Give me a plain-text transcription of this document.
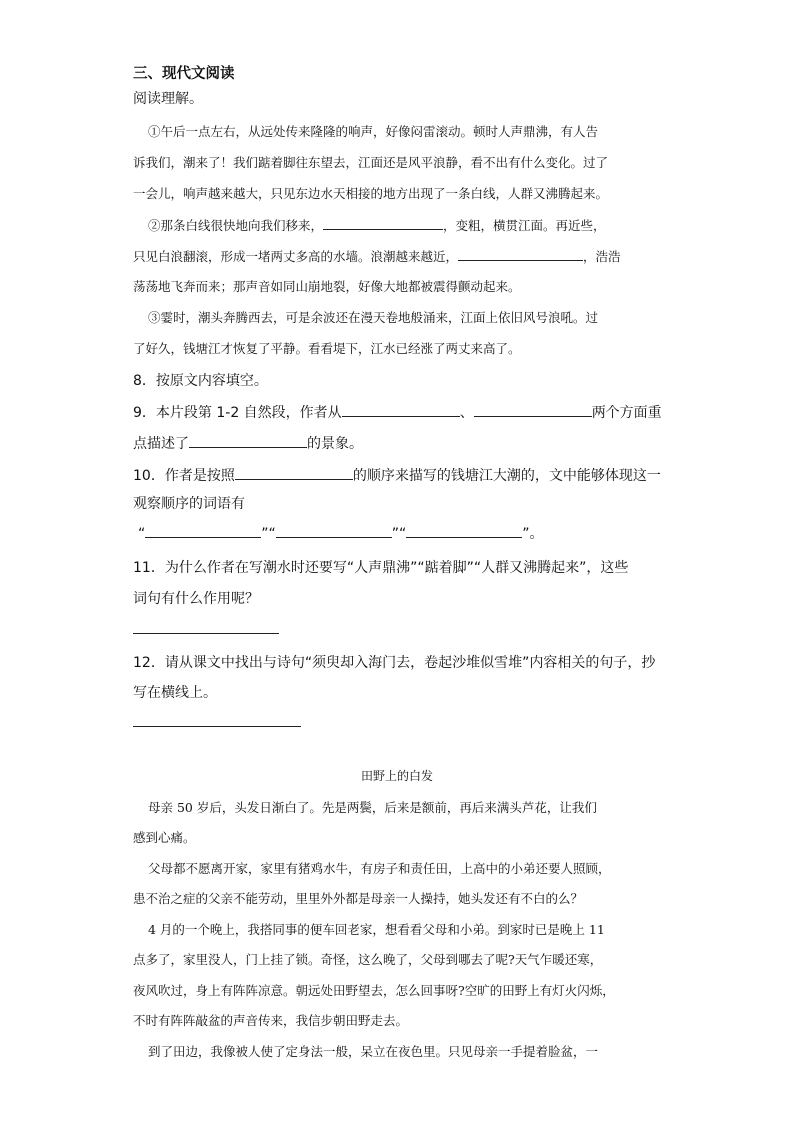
三、现代文阅读
阅读理解。
①午后一点左右，从远处传来隆隆的响声，好像闷雷滚动。顿时人声鼎沸，有人告
诉我们，潮来了！我们踮着脚往东望去，江面还是风平浪静，看不出有什么变化。过了
一会儿，响声越来越大，只见东边水天相接的地方出现了一条白线，人群又沸腾起来。
②那条白线很快地向我们移来，	，变粗，横贯江面。再近些，
只见白浪翻滚，形成一堵两丈多高的水墙。浪潮越来越近，	，浩浩
荡荡地飞奔而来；那声音如同山崩地裂，好像大地都被震得颤动起来。
③霎时，潮头奔腾西去，可是余波还在漫天卷地般涌来，江面上依旧风号浪吼。过
了好久，钱塘江才恢复了平静。看看堤下，江水已经涨了两丈来高了。
8．按原文内容填空。
9．本片段第 1-2 自然段，作者从	、	两个方面重
点描述了	的景象。
10．作者是按照	的顺序来描写的钱塘江大潮的，文中能够体现这一
观察顺序的词语有
“	”“	”“	”。
11．为什么作者在写潮水时还要写“人声鼎沸”“踮着脚”“人群又沸腾起来”，这些
词句有什么作用呢？
12．请从课文中找出与诗句“须臾却入海门去，卷起沙堆似雪堆”内容相关的句子，抄
写在横线上。
田野上的白发
母亲 50 岁后，头发日渐白了。先是两鬓，后来是额前，再后来满头芦花，让我们
感到心痛。
父母都不愿离开家，家里有猪鸡水牛，有房子和责任田，上高中的小弟还要人照顾，
患不治之症的父亲不能劳动，里里外外都是母亲一人操持，她头发还有不白的么？
4 月的一个晚上，我搭同事的便车回老家，想看看父母和小弟。到家时已是晚上 11
点多了，家里没人，门上挂了锁。奇怪，这么晚了，父母到哪去了呢?天气乍暖还寒，
夜风吹过，身上有阵阵凉意。朝远处田野望去，怎么回事呀?空旷的田野上有灯火闪烁，
不时有阵阵敲盆的声音传来，我信步朝田野走去。
到了田边，我像被人使了定身法一般，呆立在夜色里。只见母亲一手提着脸盆，一
